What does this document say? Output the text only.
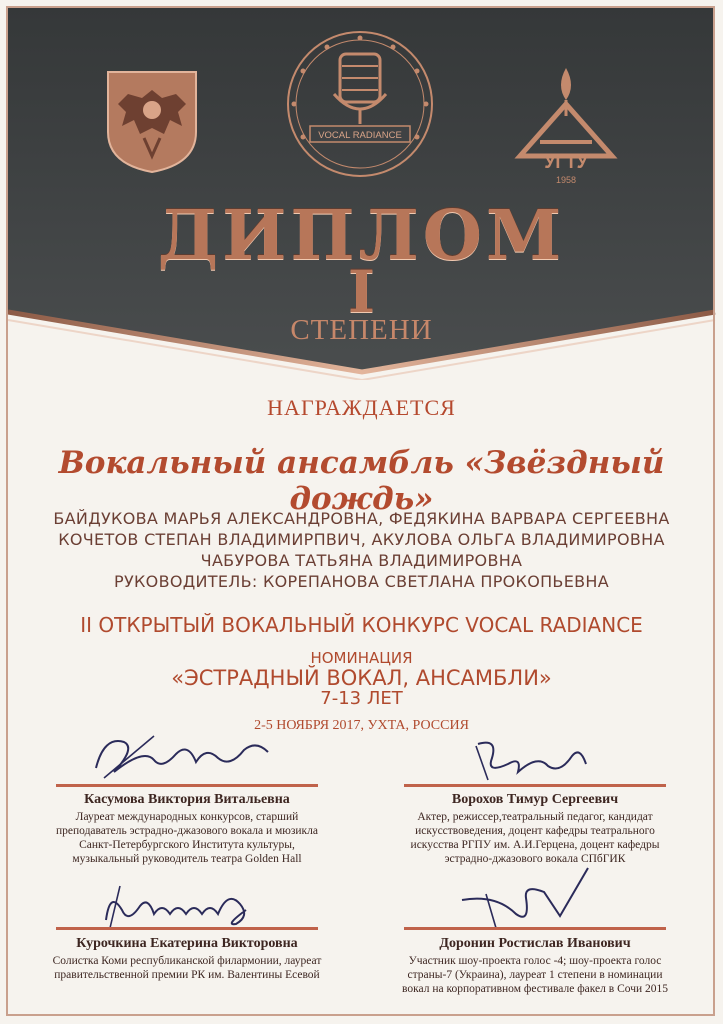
VOCAL RADIANCE
УГТУ
1958
ДИПЛОМ
I
СТЕПЕНИ
НАГРАЖДАЕТСЯ
Вокальный ансамбль «Звёздный дождь»
БАЙДУКОВА МАРЬЯ АЛЕКСАНДРОВНА, ФЕДЯКИНА ВАРВАРА СЕРГЕЕВНА
КОЧЕТОВ СТЕПАН ВЛАДИМИРПВИЧ, АКУЛОВА ОЛЬГА ВЛАДИМИРОВНА
ЧАБУРОВА ТАТЬЯНА ВЛАДИМИРОВНА
РУКОВОДИТЕЛЬ: КОРЕПАНОВА СВЕТЛАНА ПРОКОПЬЕВНА
II ОТКРЫТЫЙ ВОКАЛЬНЫЙ КОНКУРС VOCAL RADIANCE
НОМИНАЦИЯ
«ЭСТРАДНЫЙ ВОКАЛ, АНСАМБЛИ»
7-13 ЛЕТ
2-5 НОЯБРЯ 2017, УХТА, РОССИЯ
Касумова Виктория Витальевна
Лауреат международных конкурсов, старший
преподаватель эстрадно-джазового вокала и мюзикла
Санкт-Петербургского Института культуры,
музыкальный руководитель театра Golden Hall
Ворохов Тимур Сергеевич
Актер, режиссер,театральный педагог, кандидат
искусствоведения, доцент кафедры театрального
искусства РГПУ им. А.И.Герцена, доцент кафедры
эстрадно-джазового вокала СПбГИК
Курочкина Екатерина Викторовна
Солистка Коми республиканской филармонии, лауреат
правительственной премии РК им. Валентины Есевой
Доронин Ростислав Иванович
Участник шоу-проекта голос -4; шоу-проекта голос
страны-7 (Украина), лауреат 1 степени в номинации
вокал на корпоративном фестивале факел в Сочи 2015
